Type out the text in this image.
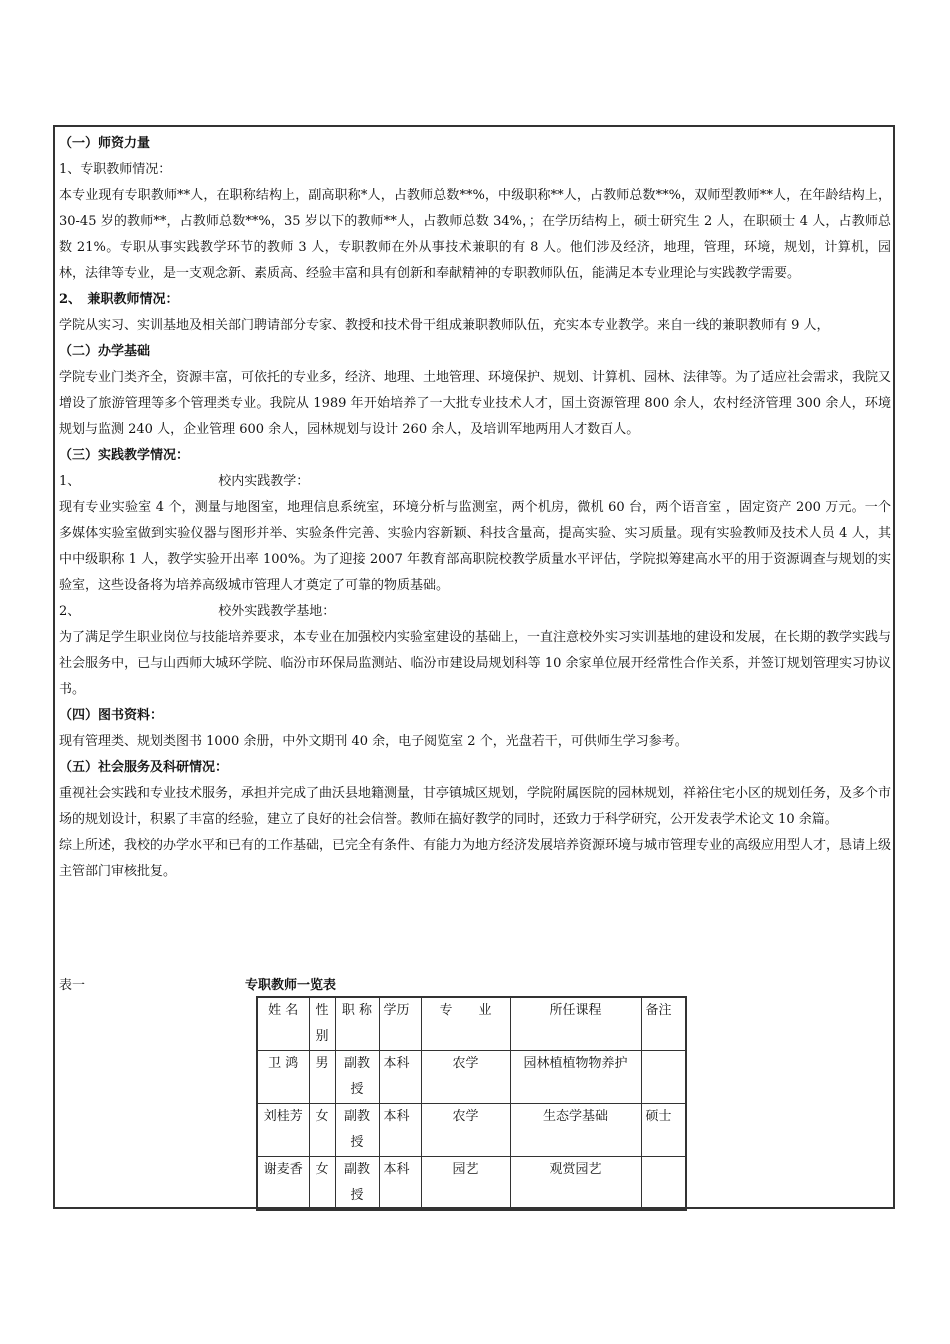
（一）师资力量

1、专职教师情况：

本专业现有专职教师**人，在职称结构上，副高职称*人，占教师总数**%，中级职称**人，占教师总数**%，双师型教师**人，在年龄结构上，30-45 岁的教师**，占教师总数**%，35 岁以下的教师**人，占教师总数 34%，；在学历结构上，硕士研究生 2 人，在职硕士 4 人，占教师总数 21%。专职从事实践教学环节的教师 3 人，专职教师在外从事技术兼职的有 8 人。他们涉及经济，地理，管理，环境，规划，计算机，园林，法律等专业，是一支观念新、素质高、经验丰富和具有创新和奉献精神的专职教师队伍，能满足本专业理论与实践教学需要。

2、　兼职教师情况：

学院从实习、实训基地及相关部门聘请部分专家、教授和技术骨干组成兼职教师队伍，充实本专业教学。来自一线的兼职教师有 9 人，

（二）办学基础

学院专业门类齐全，资源丰富，可依托的专业多，经济、地理、土地管理、环境保护、规划、计算机、园林、法律等。为了适应社会需求，我院又增设了旅游管理等多个管理类专业。我院从 1989 年开始培养了一大批专业技术人才，国土资源管理 800 余人，农村经济管理 300 余人，环境规划与监测 240 人，企业管理 600 余人，园林规划与设计 260 余人，及培训军地两用人才数百人。

（三）实践教学情况：

1、	校内实践教学：

现有专业实验室 4 个，测量与地图室，地理信息系统室，环境分析与监测室，两个机房，微机 60 台，两个语音室 ，固定资产 200 万元。一个多媒体实验室做到实验仪器与图形并举、实验条件完善、实验内容新颖、科技含量高，提高实验、实习质量。现有实验教师及技术人员 4 人，其中中级职称 1 人，教学实验开出率 100%。为了迎接 2007 年教育部高职院校教学质量水平评估，学院拟筹建高水平的用于资源调查与规划的实验室，这些设备将为培养高级城市管理人才奠定了可靠的物质基础。

2、	校外实践教学基地：

为了满足学生职业岗位与技能培养要求，本专业在加强校内实验室建设的基础上，一直注意校外实习实训基地的建设和发展，在长期的教学实践与社会服务中，已与山西师大城环学院、临汾市环保局监测站、临汾市建设局规划科等 10 余家单位展开经常性合作关系，并签订规划管理实习协议书。

（四）图书资料：

现有管理类、规划类图书 1000 余册，中外文期刊 40 余，电子阅览室 2 个，光盘若干，可供师生学习参考。

（五）社会服务及科研情况：

重视社会实践和专业技术服务，承担并完成了曲沃县地籍测量，甘亭镇城区规划，学院附属医院的园林规划，祥裕住宅小区的规划任务，及多个市场的规划设计，积累了丰富的经验，建立了良好的社会信誉。教师在搞好教学的同时，还致力于科学研究，公开发表学术论文 10 余篇。

综上所述，我校的办学水平和已有的工作基础，已完全有条件、有能力为地方经济发展培养资源环境与城市管理专业的高级应用型人才，恳请上级主管部门审核批复。

表一	专职教师一览表
姓 名	性别	职 称	学历	专　　业	所任课程	备注
卫 鸿	男	副教授	本科	农学	园林植植物物养护	
刘桂芳	女	副教授	本科	农学	生态学基础	硕士
谢麦香	女	副教授	本科	园艺	观赏园艺	
